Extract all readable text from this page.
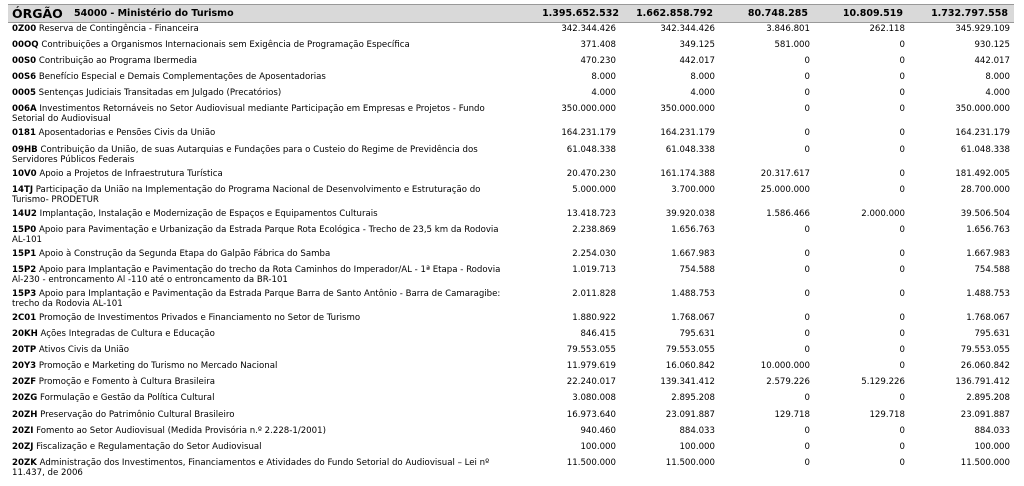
ÓRGÃO 54000 - Ministério do Turismo	1.395.652.532 1.662.858.792	80.748.285	10.809.519	1.732.797.558
0Z00 Reserva de Contingência - Financeira	342.344.426	342.344.426	3.846.801	262.118	345.929.109
00OQ Contribuições a Organismos Internacionais sem Exigência de Programação Específica	371.408	349.125	581.000	0	930.125
00S0 Contribuição ao Programa Ibermedia	470.230	442.017	0	0	442.017
00S6 Benefício Especial e Demais Complementações de Aposentadorias	8.000	8.000	0	0	8.000
0005 Sentenças Judiciais Transitadas em Julgado (Precatórios)	4.000	4.000	0	0	4.000
006A Investimentos Retornáveis no Setor Audiovisual mediante Participação em Empresas e Projetos - Fundo Setorial do Audiovisual
350.000.000	350.000.000	0	0	350.000.000
0181 Aposentadorias e Pensões Civis da União	164.231.179	164.231.179	0	0	164.231.179
09HB Contribuição da União, de suas Autarquias e Fundações para o Custeio do Regime de Previdência dos Servidores Públicos Federais
61.048.338	61.048.338	0	0	61.048.338
10V0 Apoio a Projetos de Infraestrutura Turística	20.470.230	161.174.388	20.317.617	0	181.492.005
14TJ Participação da União na Implementação do Programa Nacional de Desenvolvimento e Estruturação do Turismo- PRODETUR
5.000.000	3.700.000	25.000.000	0	28.700.000
14U2 Implantação, Instalação e Modernização de Espaços e Equipamentos Culturais	13.418.723	39.920.038	1.586.466	2.000.000	39.506.504
15P0 Apoio para Pavimentação e Urbanização da Estrada Parque Rota Ecológica - Trecho de 23,5 km da Rodovia AL-101
2.238.869	1.656.763	0	0	1.656.763
15P1 Apoio à Construção da Segunda Etapa do Galpão Fábrica do Samba	2.254.030	1.667.983	0	0	1.667.983
15P2 Apoio para Implantação e Pavimentação do trecho da Rota Caminhos do Imperador/AL - 1ª Etapa - Rodovia Al-230 - entroncamento Al -110 até o entroncamento da BR-101
1.019.713	754.588	0	0	754.588
15P3 Apoio para Implantação e Pavimentação da Estrada Parque Barra de Santo Antônio - Barra de Camaragibe: trecho da Rodovia AL-101
2.011.828	1.488.753	0	0	1.488.753
2C01 Promoção de Investimentos Privados e Financiamento no Setor de Turismo	1.880.922	1.768.067	0	0	1.768.067
20KH Ações Integradas de Cultura e Educação	846.415	795.631	0	0	795.631
20TP Ativos Civis da União	79.553.055	79.553.055	0	0	79.553.055
20Y3 Promoção e Marketing do Turismo no Mercado Nacional	11.979.619	16.060.842	10.000.000	0	26.060.842
20ZF Promoção e Fomento à Cultura Brasileira	22.240.017	139.341.412	2.579.226	5.129.226	136.791.412
20ZG Formulação e Gestão da Política Cultural	3.080.008	2.895.208	0	0	2.895.208
20ZH Preservação do Patrimônio Cultural Brasileiro	16.973.640	23.091.887	129.718	129.718	23.091.887
20ZI Fomento ao Setor Audiovisual (Medida Provisória n.º 2.228-1/2001)	940.460	884.033	0	0	884.033
20ZJ Fiscalização e Regulamentação do Setor Audiovisual	100.000	100.000	0	0	100.000
20ZK Administração dos Investimentos, Financiamentos e Atividades do Fundo Setorial do Audiovisual – Lei nº 11.437, de 2006
11.500.000	11.500.000	0	0	11.500.000
